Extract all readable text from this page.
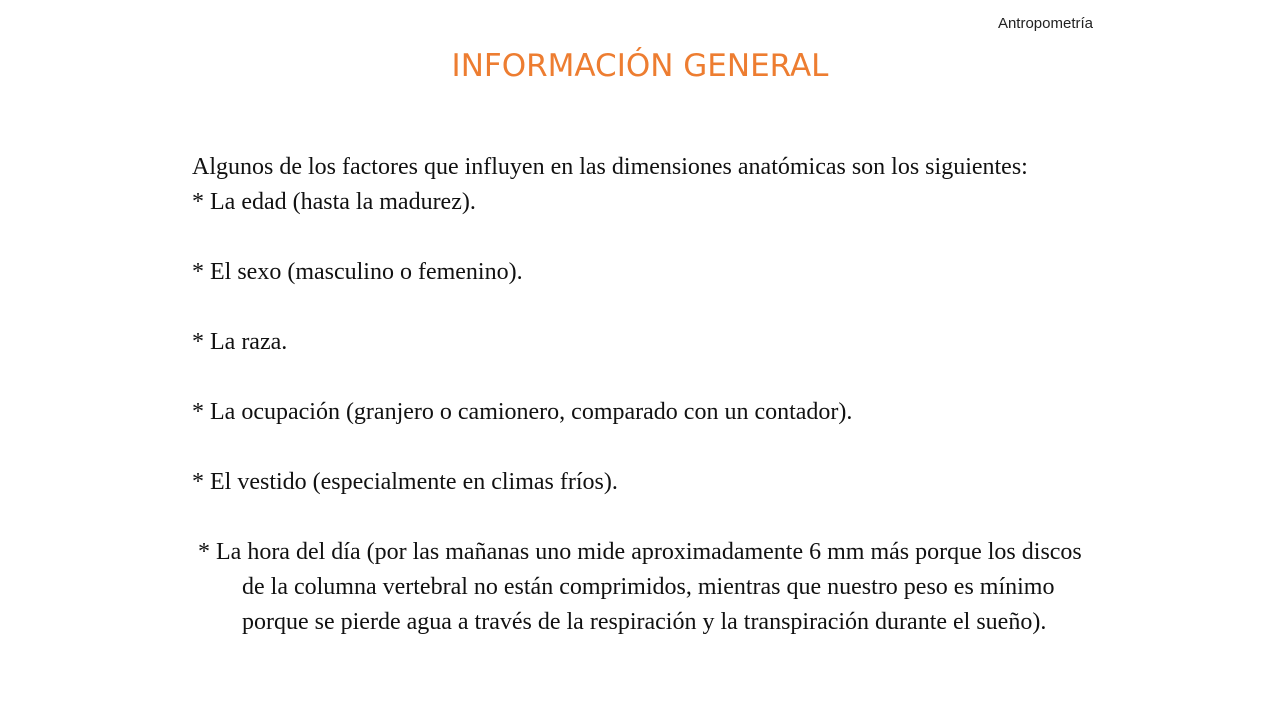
Antropometría
INFORMACIÓN GENERAL

Algunos de los factores que influyen en las dimensiones anatómicas son los siguientes:

* La edad (hasta la madurez).

* El sexo (masculino o femenino).

* La raza.

* La ocupación (granjero o camionero, comparado con un contador).

* El vestido (especialmente en climas fríos).

* La hora del día (por las mañanas uno mide aproximadamente 6 mm más porque los discos de la columna vertebral no están comprimidos, mientras que nuestro peso es mínimo porque se pierde agua a través de la respiración y la transpiración durante el sueño).
